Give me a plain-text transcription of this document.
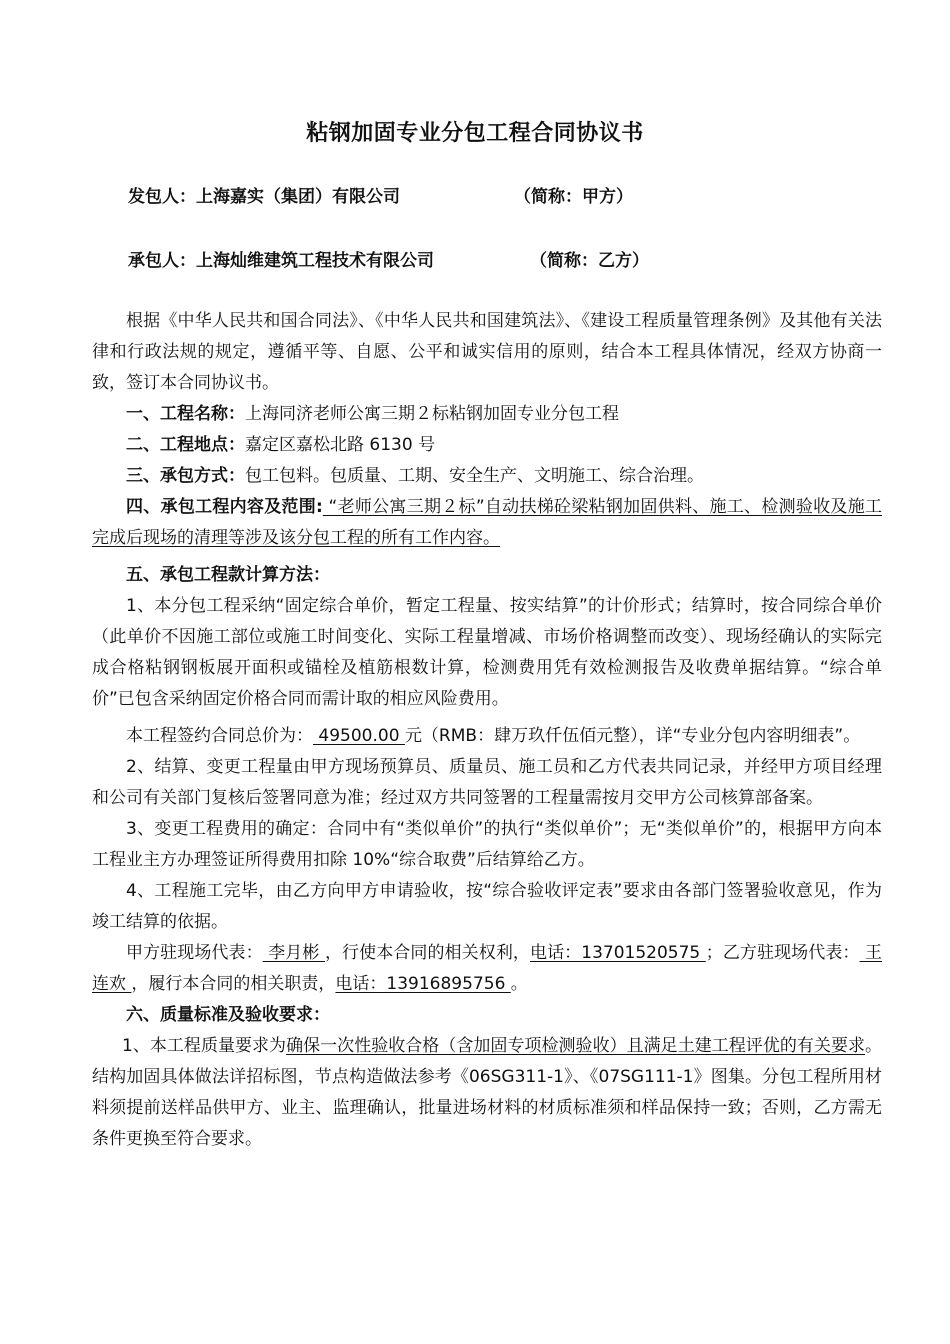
粘钢加固专业分包工程合同协议书
发包人：上海嘉实（集团）有限公司	（简称：甲方）
承包人：上海灿维建筑工程技术有限公司	（简称：乙方）

根据《中华人民共和国合同法》、《中华人民共和国建筑法》、《建设工程质量管理条例》及其他有关法律和行政法规的规定，遵循平等、自愿、公平和诚实信用的原则，结合本工程具体情况，经双方协商一致，签订本合同协议书。

一、工程名称：上海同济老师公寓三期２标粘钢加固专业分包工程

二、工程地点：嘉定区嘉松北路 6130 号

三、承包方式：包工包料。包质量、工期、安全生产、文明施工、综合治理。

四、承包工程内容及范围: “老师公寓三期２标”自动扶梯砼梁粘钢加固供料、施工、检测验收及施工完成后现场的清理等涉及该分包工程的所有工作内容。

五、承包工程款计算方法：

1、本分包工程采纳“固定综合单价，暂定工程量、按实结算”的计价形式；结算时，按合同综合单价（此单价不因施工部位或施工时间变化、实际工程量增减、市场价格调整而改变）、现场经确认的实际完成合格粘钢钢板展开面积或锚栓及植筋根数计算，检测费用凭有效检测报告及收费单据结算。“综合单价”已包含采纳固定价格合同而需计取的相应风险费用。

本工程签约合同总价为： 49500.00 元（RMB：肆万玖仟伍佰元整），详“专业分包内容明细表”。

2、结算、变更工程量由甲方现场预算员、质量员、施工员和乙方代表共同记录，并经甲方项目经理和公司有关部门复核后签署同意为准；经过双方共同签署的工程量需按月交甲方公司核算部备案。

3、变更工程费用的确定：合同中有“类似单价”的执行“类似单价”；无“类似单价”的，根据甲方向本工程业主方办理签证所得费用扣除 10%“综合取费”后结算给乙方。

4、工程施工完毕，由乙方向甲方申请验收，按“综合验收评定表”要求由各部门签署验收意见，作为竣工结算的依据。

甲方驻现场代表： 李月彬 ，行使本合同的相关权利，电话：13701520575 ；乙方驻现场代表： 王连欢 ，履行本合同的相关职责，电话：13916895756 。

六、质量标准及验收要求：

1、本工程质量要求为确保一次性验收合格（含加固专项检测验收）且满足土建工程评优的有关要求。结构加固具体做法详招标图，节点构造做法参考《06SG311-1》、《07SG111-1》图集。分包工程所用材料须提前送样品供甲方、业主、监理确认，批量进场材料的材质标准须和样品保持一致；否则，乙方需无条件更换至符合要求。
